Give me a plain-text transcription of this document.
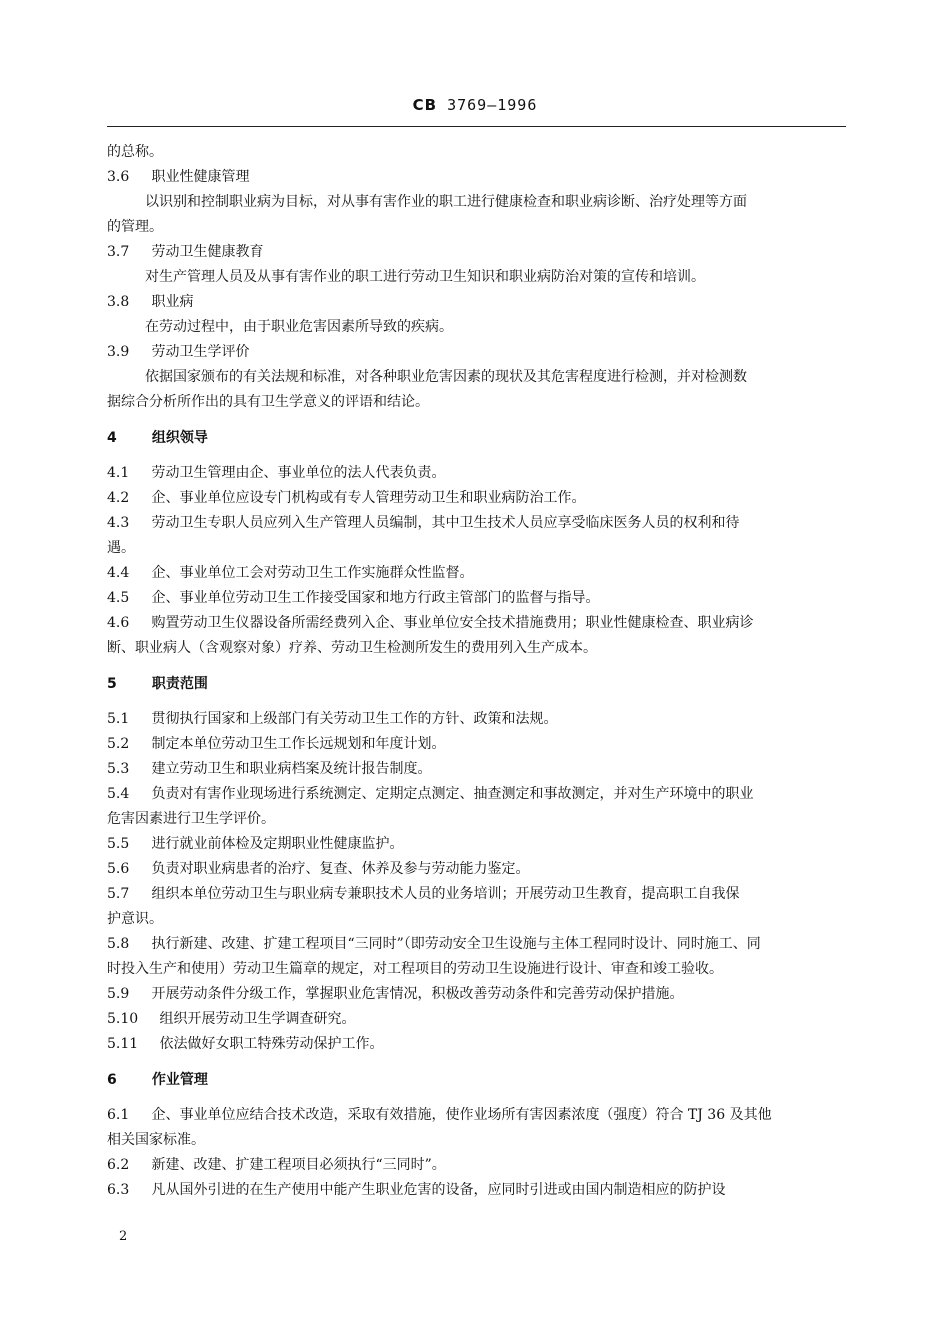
CB 3769—1996
的总称。
3.6 职业性健康管理
以识别和控制职业病为目标，对从事有害作业的职工进行健康检查和职业病诊断、治疗处理等方面
的管理。
3.7 劳动卫生健康教育
对生产管理人员及从事有害作业的职工进行劳动卫生知识和职业病防治对策的宣传和培训。
3.8 职业病
在劳动过程中，由于职业危害因素所导致的疾病。
3.9 劳动卫生学评价
依据国家颁布的有关法规和标准，对各种职业危害因素的现状及其危害程度进行检测，并对检测数
据综合分析所作出的具有卫生学意义的评语和结论。
4	组织领导
4.1 劳动卫生管理由企、事业单位的法人代表负责。
4.2 企、事业单位应设专门机构或有专人管理劳动卫生和职业病防治工作。
4.3 劳动卫生专职人员应列入生产管理人员编制，其中卫生技术人员应享受临床医务人员的权利和待
遇。
4.4 企、事业单位工会对劳动卫生工作实施群众性监督。
4.5 企、事业单位劳动卫生工作接受国家和地方行政主管部门的监督与指导。
4.6 购置劳动卫生仪器设备所需经费列入企、事业单位安全技术措施费用；职业性健康检查、职业病诊
断、职业病人（含观察对象）疗养、劳动卫生检测所发生的费用列入生产成本。
5	职责范围
5.1 贯彻执行国家和上级部门有关劳动卫生工作的方针、政策和法规。
5.2 制定本单位劳动卫生工作长远规划和年度计划。
5.3 建立劳动卫生和职业病档案及统计报告制度。
5.4 负责对有害作业现场进行系统测定、定期定点测定、抽查测定和事故测定，并对生产环境中的职业
危害因素进行卫生学评价。
5.5 进行就业前体检及定期职业性健康监护。
5.6 负责对职业病患者的治疗、复查、休养及参与劳动能力鉴定。
5.7 组织本单位劳动卫生与职业病专兼职技术人员的业务培训；开展劳动卫生教育，提高职工自我保
护意识。
5.8 执行新建、改建、扩建工程项目“三同时”（即劳动安全卫生设施与主体工程同时设计、同时施工、同
时投入生产和使用）劳动卫生篇章的规定，对工程项目的劳动卫生设施进行设计、审查和竣工验收。
5.9 开展劳动条件分级工作，掌握职业危害情况，积极改善劳动条件和完善劳动保护措施。
5.10 组织开展劳动卫生学调查研究。
5.11 依法做好女职工特殊劳动保护工作。
6	作业管理
6.1 企、事业单位应结合技术改造，采取有效措施，使作业场所有害因素浓度（强度）符合 TJ 36 及其他
相关国家标准。
6.2 新建、改建、扩建工程项目必须执行“三同时”。
6.3 凡从国外引进的在生产使用中能产生职业危害的设备，应同时引进或由国内制造相应的防护设
2
